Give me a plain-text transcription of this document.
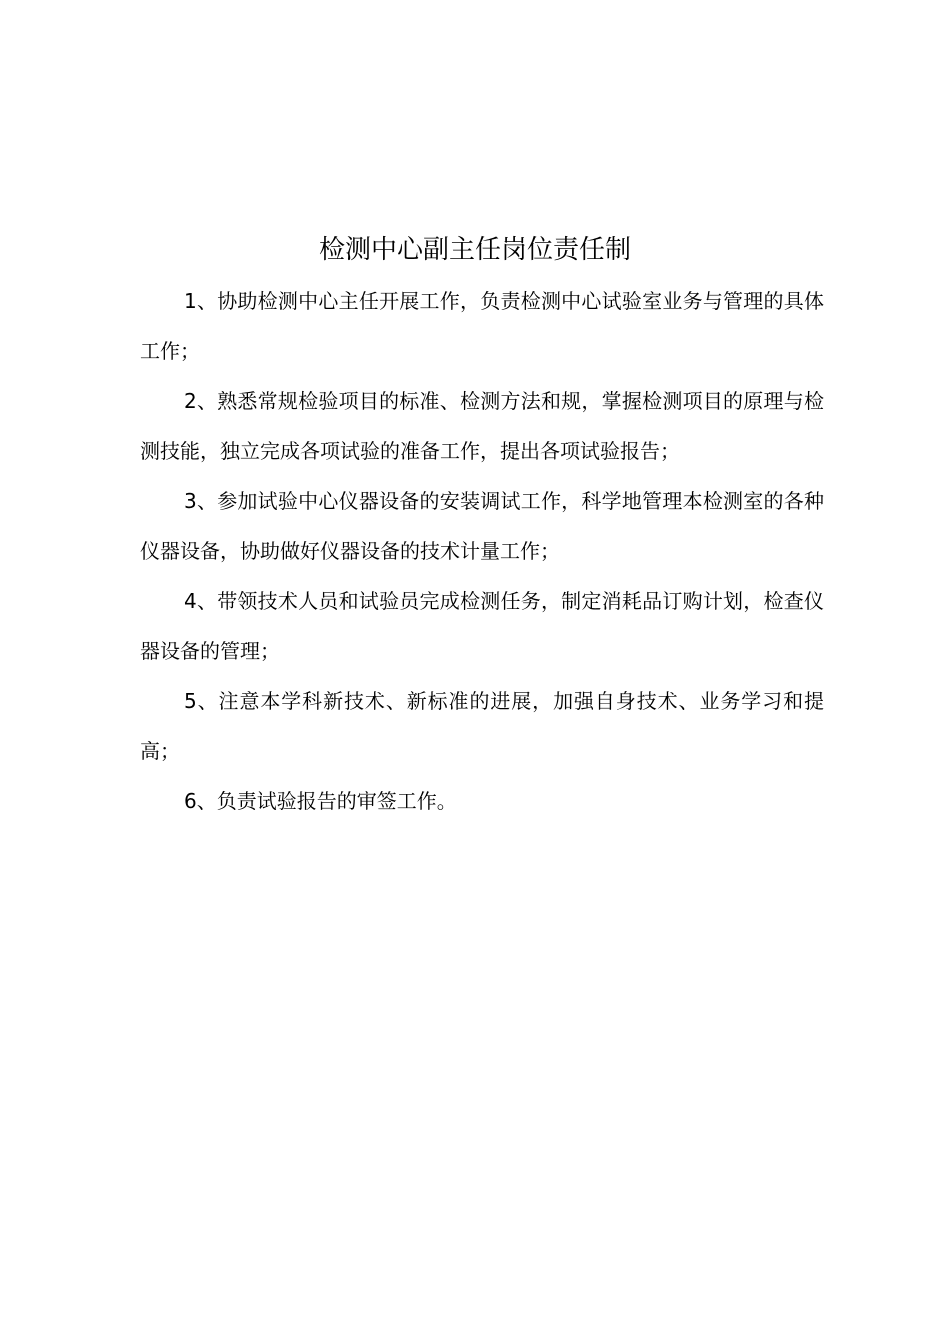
检测中心副主任岗位责任制

1、协助检测中心主任开展工作，负责检测中心试验室业务与管理的具体工作；

2、熟悉常规检验项目的标准、检测方法和规，掌握检测项目的原理与检测技能，独立完成各项试验的准备工作，提出各项试验报告；

3、参加试验中心仪器设备的安装调试工作，科学地管理本检测室的各种仪器设备，协助做好仪器设备的技术计量工作；

4、带领技术人员和试验员完成检测任务，制定消耗品订购计划，检查仪器设备的管理；

5、注意本学科新技术、新标准的进展，加强自身技术、业务学习和提高；

6、负责试验报告的审签工作。
